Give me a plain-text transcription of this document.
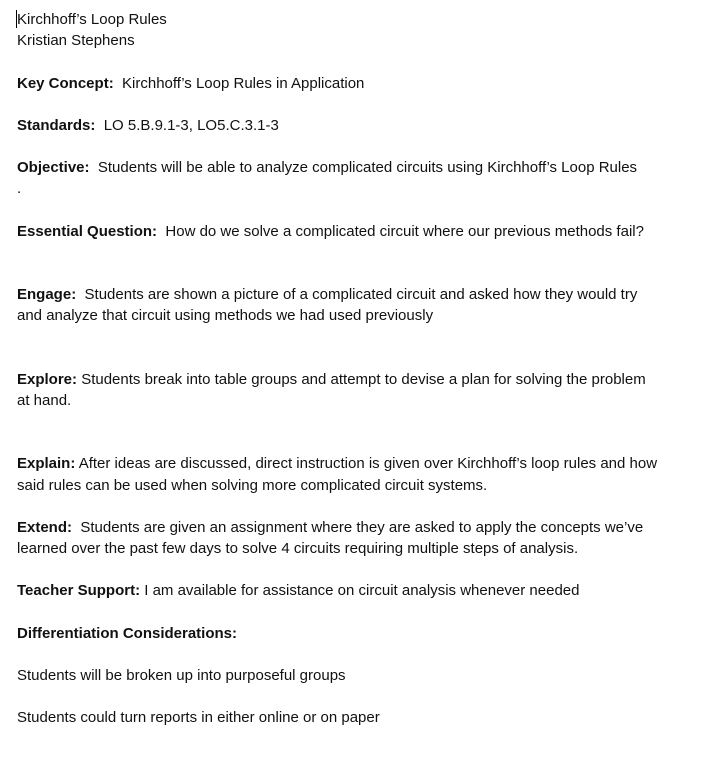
Kirchhoff’s Loop Rules
Kristian Stephens
Key Concept: Kirchhoff’s Loop Rules in Application
Standards: LO 5.B.9.1-3, LO5.C.3.1-3
Objective: Students will be able to analyze complicated circuits using Kirchhoff’s Loop Rules
.
Essential Question: How do we solve a complicated circuit where our previous methods fail?
Engage: Students are shown a picture of a complicated circuit and asked how they would try
and analyze that circuit using methods we had used previously
Explore: Students break into table groups and attempt to devise a plan for solving the problem
at hand.
Explain: After ideas are discussed, direct instruction is given over Kirchhoff’s loop rules and how
said rules can be used when solving more complicated circuit systems.
Extend: Students are given an assignment where they are asked to apply the concepts we’ve
learned over the past few days to solve 4 circuits requiring multiple steps of analysis.
Teacher Support: I am available for assistance on circuit analysis whenever needed
Differentiation Considerations:
Students will be broken up into purposeful groups
Students could turn reports in either online or on paper
